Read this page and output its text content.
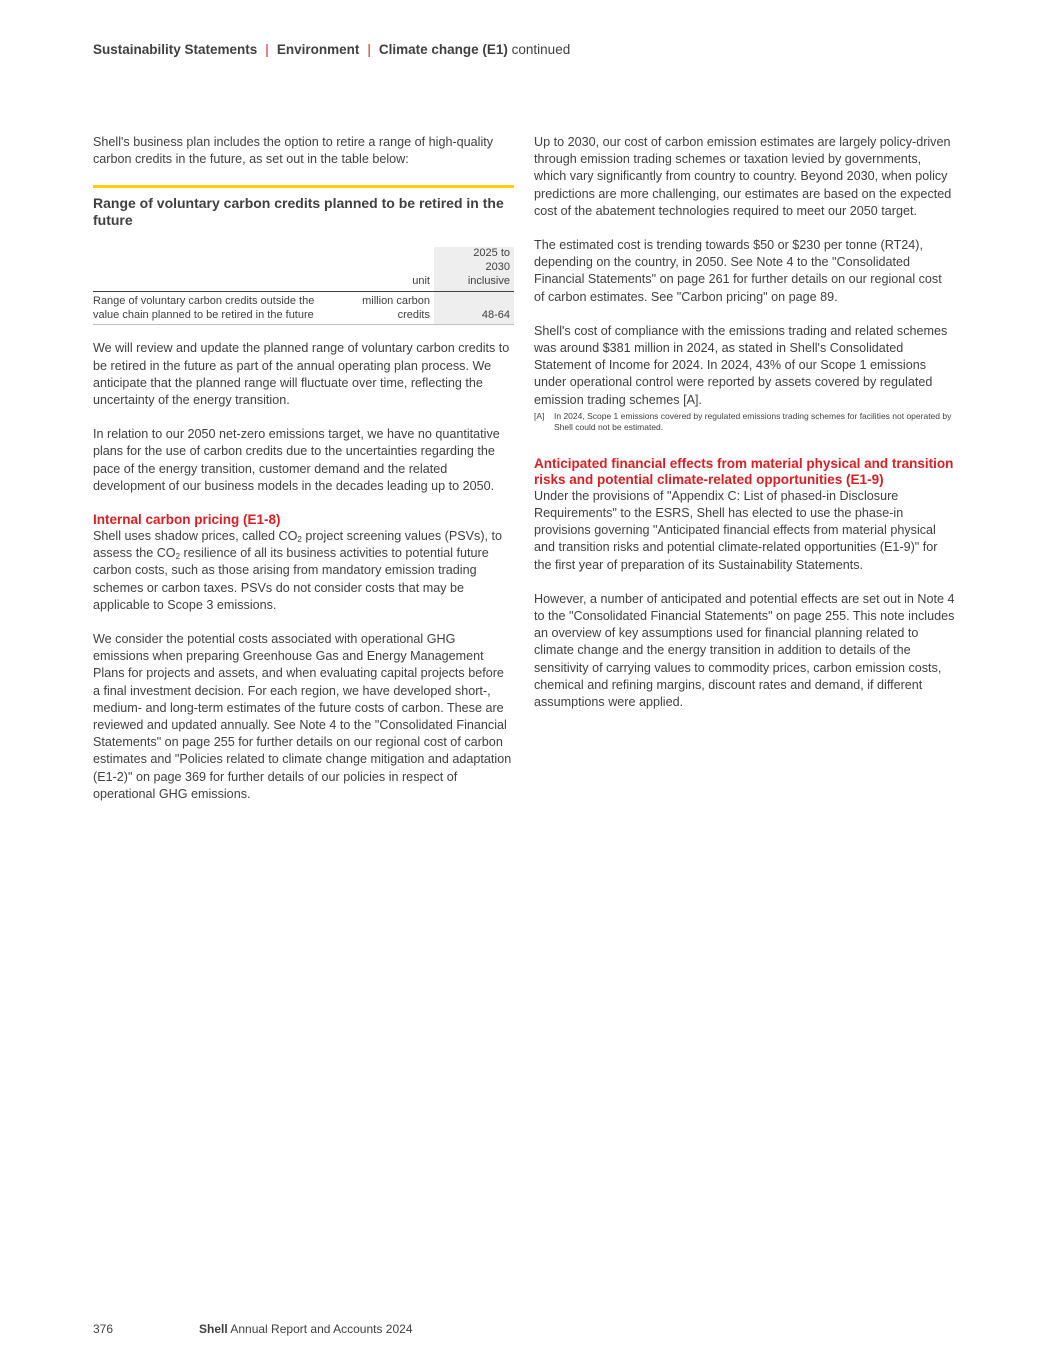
Sustainability Statements | Environment | Climate change (E1) continued

Shell's business plan includes the option to retire a range of high-quality carbon credits in the future, as set out in the table below:

Range of voluntary carbon credits planned to be retired in the future
	unit	2025 to
2030
inclusive
Range of voluntary carbon credits outside the
value chain planned to be retired in the future	million carbon
credits	48-64

We will review and update the planned range of voluntary carbon credits to be retired in the future as part of the annual operating plan process. We anticipate that the planned range will fluctuate over time, reflecting the uncertainty of the energy transition.

In relation to our 2050 net-zero emissions target, we have no quantitative plans for the use of carbon credits due to the uncertainties regarding the pace of the energy transition, customer demand and the related development of our business models in the decades leading up to 2050.

Internal carbon pricing (E1-8)

Shell uses shadow prices, called $CO_2$ project screening values (PSVs), to assess the $CO_2$ resilience of all its business activities to potential future carbon costs, such as those arising from mandatory emission trading schemes or carbon taxes. PSVs do not consider costs that may be applicable to Scope 3 emissions.

We consider the potential costs associated with operational GHG emissions when preparing Greenhouse Gas and Energy Management Plans for projects and assets, and when evaluating capital projects before a final investment decision. For each region, we have developed short-, medium- and long-term estimates of the future costs of carbon. These are reviewed and updated annually. See Note 4 to the "Consolidated Financial Statements" on page 255 for further details on our regional cost of carbon estimates and "Policies related to climate change mitigation and adaptation (E1-2)" on page 369 for further details of our policies in respect of operational GHG emissions.

Up to 2030, our cost of carbon emission estimates are largely policy-driven through emission trading schemes or taxation levied by governments, which vary significantly from country to country. Beyond 2030, when policy predictions are more challenging, our estimates are based on the expected cost of the abatement technologies required to meet our 2050 target.

The estimated cost is trending towards $50 or $230 per tonne (RT24), depending on the country, in 2050. See Note 4 to the "Consolidated Financial Statements" on page 261 for further details on our regional cost of carbon estimates. See "Carbon pricing" on page 89.

Shell's cost of compliance with the emissions trading and related schemes was around $381 million in 2024, as stated in Shell's Consolidated Statement of Income for 2024. In 2024, 43% of our Scope 1 emissions under operational control were reported by assets covered by regulated emission trading schemes [A].

[A]	In 2024, Scope 1 emissions covered by regulated emissions trading schemes for facilities not operated by Shell could not be estimated.
Anticipated financial effects from material physical and transition risks and potential climate-related opportunities (E1-9)

Under the provisions of "Appendix C: List of phased-in Disclosure Requirements" to the ESRS, Shell has elected to use the phase-in provisions governing "Anticipated financial effects from material physical and transition risks and potential climate-related opportunities (E1-9)" for the first year of preparation of its Sustainability Statements.

However, a number of anticipated and potential effects are set out in Note 4 to the "Consolidated Financial Statements" on page 255. This note includes an overview of key assumptions used for financial planning related to climate change and the energy transition in addition to details of the sensitivity of carrying values to commodity prices, carbon emission costs, chemical and refining margins, discount rates and demand, if different assumptions were applied.

376	Shell Annual Report and Accounts 2024
